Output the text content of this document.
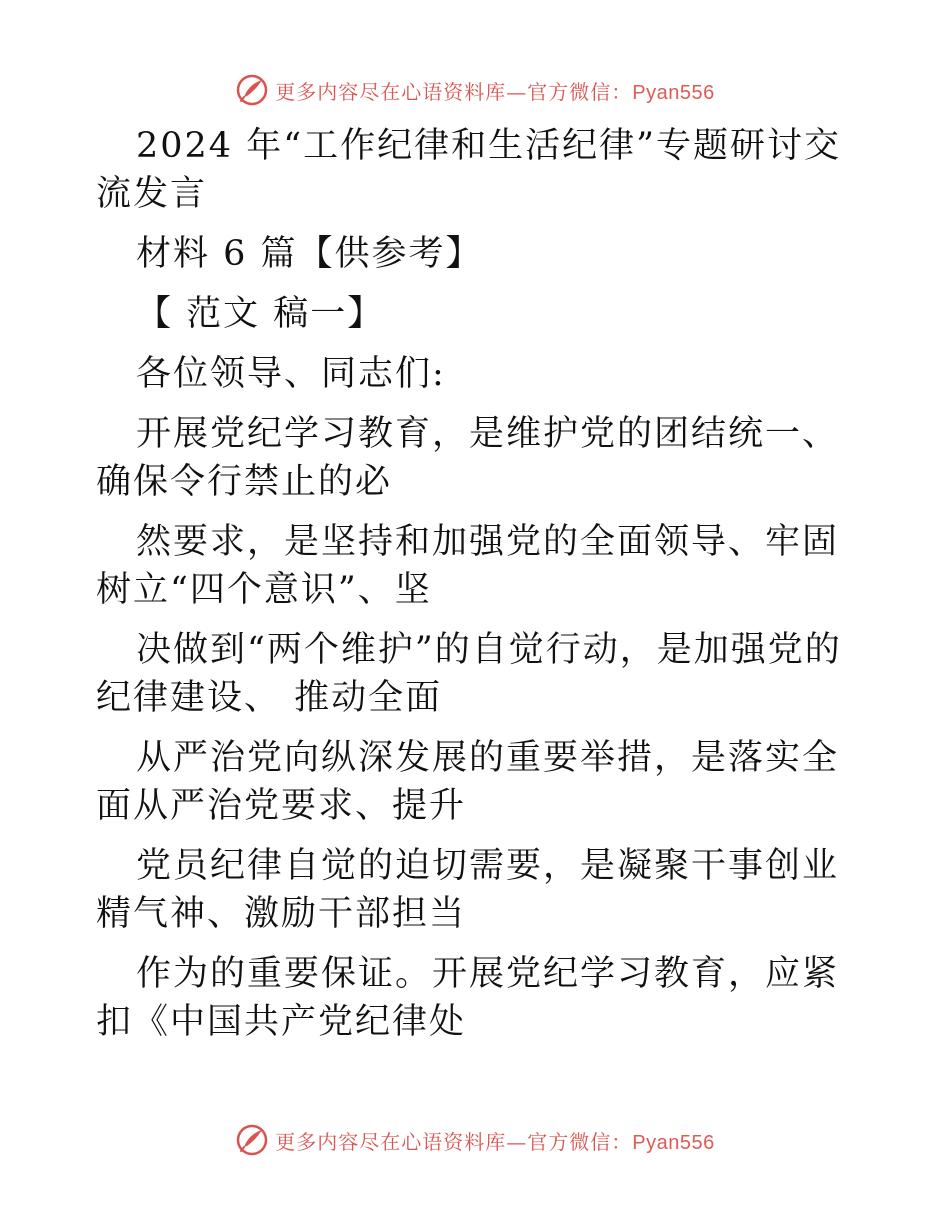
更多内容尽在心语资料库—官方微信：Pyan556

2024 年“工作纪律和生活纪律”专题研讨交流发言

材料 6 篇【供参考】

【 范文 稿一】

各位领导、同志们:

开展党纪学习教育，是维护党的团结统一、确保令行禁止的必

然要求，是坚持和加强党的全面领导、牢固树立“四个意识”、坚

决做到“两个维护”的自觉行动，是加强党的纪律建设、 推动全面

从严治党向纵深发展的重要举措，是落实全面从严治党要求、提升

党员纪律自觉的迫切需要，是凝聚干事创业精气神、激励干部担当

作为的重要保证。开展党纪学习教育，应紧扣《中国共产党纪律处

更多内容尽在心语资料库—官方微信：Pyan556
